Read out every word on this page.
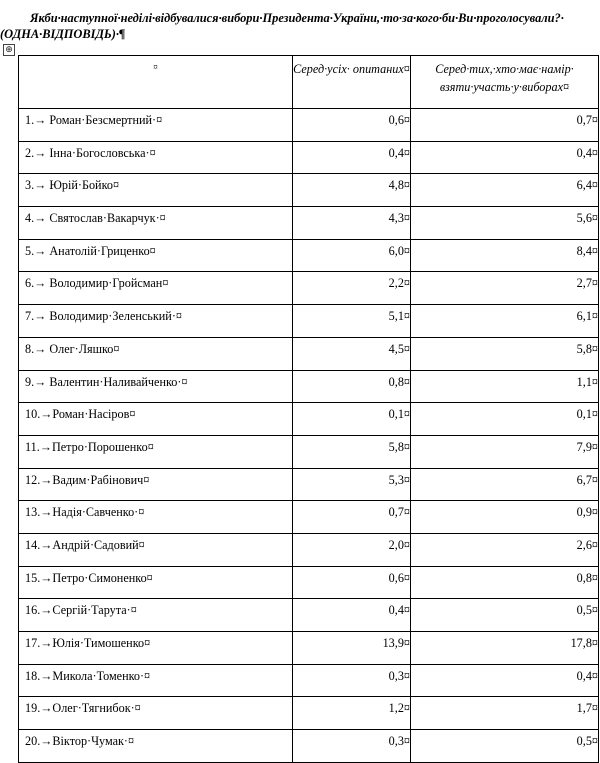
Якби·наступної·неділі·відбувалися·вибори·Президента·України,·то·за·кого·би·Ви·проголосували?·
(ОДНА·ВІДПОВІДЬ)·¶
⊕
¤	Серед·усіх· опитаних¤	Серед·тих,·хто·має·намір· взяти·участь·у·виборах¤
1.→ Роман·Безсмертний·¤	0,6¤	0,7¤
2.→ Інна·Богословська·¤	0,4¤	0,4¤
3.→ Юрій·Бойко¤	4,8¤	6,4¤
4.→ Святослав·Вакарчук·¤	4,3¤	5,6¤
5.→ Анатолій·Гриценко¤	6,0¤	8,4¤
6.→ Володимир·Гройсман¤	2,2¤	2,7¤
7.→ Володимир·Зеленський·¤	5,1¤	6,1¤
8.→ Олег·Ляшко¤	4,5¤	5,8¤
9.→ Валентин·Наливайченко·¤	0,8¤	1,1¤
10.→Роман·Насіров¤	0,1¤	0,1¤
11.→Петро·Порошенко¤	5,8¤	7,9¤
12.→Вадим·Рабінович¤	5,3¤	6,7¤
13.→Надія·Савченко·¤	0,7¤	0,9¤
14.→Андрій·Садовий¤	2,0¤	2,6¤
15.→Петро·Симоненко¤	0,6¤	0,8¤
16.→Сергій·Тарута·¤	0,4¤	0,5¤
17.→Юлія·Тимошенко¤	13,9¤	17,8¤
18.→Микола·Томенко·¤	0,3¤	0,4¤
19.→Олег·Тягнибок·¤	1,2¤	1,7¤
20.→Віктор·Чумак·¤	0,3¤	0,5¤
